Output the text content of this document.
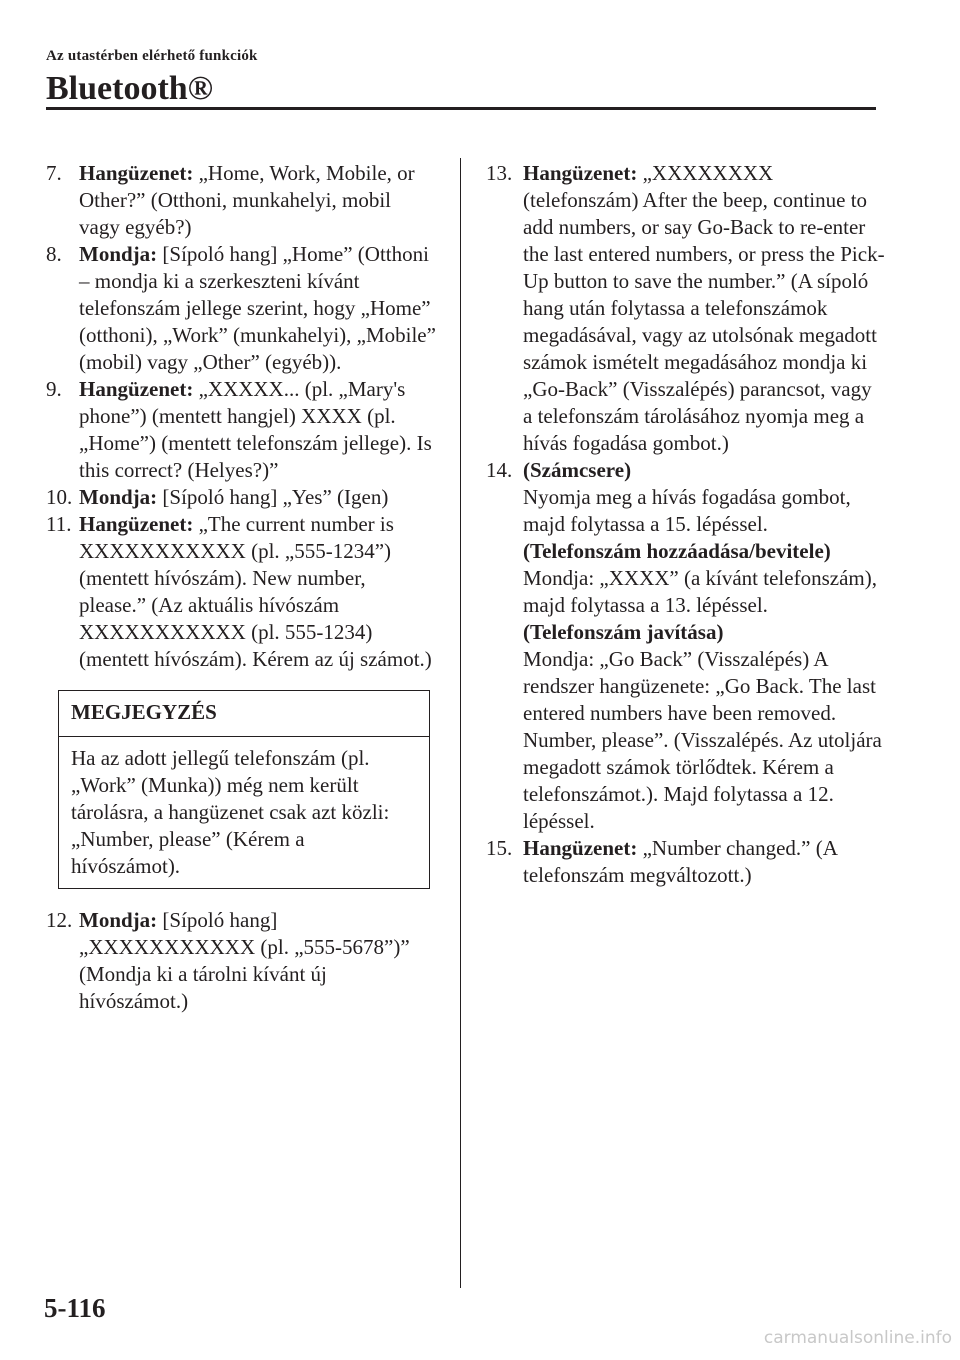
Az utastérben elérhető funkciók
Bluetooth®
7. Hangüzenet: „Home, Work, Mobile, or Other?” (Otthoni, munkahelyi, mobil vagy egyéb?)
8. Mondja: [Sípoló hang] „Home” (Otthoni – mondja ki a szerkeszteni kívánt telefonszám jellege szerint, hogy „Home” (otthoni), „Work” (munkahelyi), „Mobile” (mobil) vagy „Other” (egyéb)).
9. Hangüzenet: „XXXXX... (pl. „Mary's phone”) (mentett hangjel) XXXX (pl. „Home”) (mentett telefonszám jellege). Is this correct? (Helyes?)”
10. Mondja: [Sípoló hang] „Yes” (Igen)
11. Hangüzenet: „The current number is XXXXXXXXXXX (pl. „555-1234”) (mentett hívószám). New number, please.” (Az aktuális hívószám XXXXXXXXXXX (pl. 555-1234) (mentett hívószám). Kérem az új számot.)
MEGJEGYZÉS
Ha az adott jellegű telefonszám (pl. „Work” (Munka)) még nem került tárolásra, a hangüzenet csak azt közli: „Number, please” (Kérem a hívószámot).
12. Mondja: [Sípoló hang] „XXXXXXXXXXX (pl. „555-5678”)” (Mondja ki a tárolni kívánt új hívószámot.)
13. Hangüzenet: „XXXXXXXX (telefonszám) After the beep, continue to add numbers, or say Go-Back to re-enter the last entered numbers, or press the Pick-Up button to save the number.” (A sípoló hang után folytassa a telefonszámok megadásával, vagy az utolsónak megadott számok ismételt megadásához mondja ki „Go-Back” (Visszalépés) parancsot, vagy a telefonszám tárolásához nyomja meg a hívás fogadása gombot.)
14. (Számcsere)
Nyomja meg a hívás fogadása gombot, majd folytassa a 15. lépéssel.
(Telefonszám hozzáadása/bevitele)
Mondja: „XXXX” (a kívánt telefonszám), majd folytassa a 13. lépéssel.
(Telefonszám javítása)
Mondja: „Go Back” (Visszalépés) A rendszer hangüzenete: „Go Back. The last entered numbers have been removed. Number, please”. (Visszalépés. Az utoljára megadott számok törlődtek. Kérem a telefonszámot.). Majd folytassa a 12. lépéssel.
15. Hangüzenet: „Number changed.” (A telefonszám megváltozott.)
5-116
carmanualsonline.info
